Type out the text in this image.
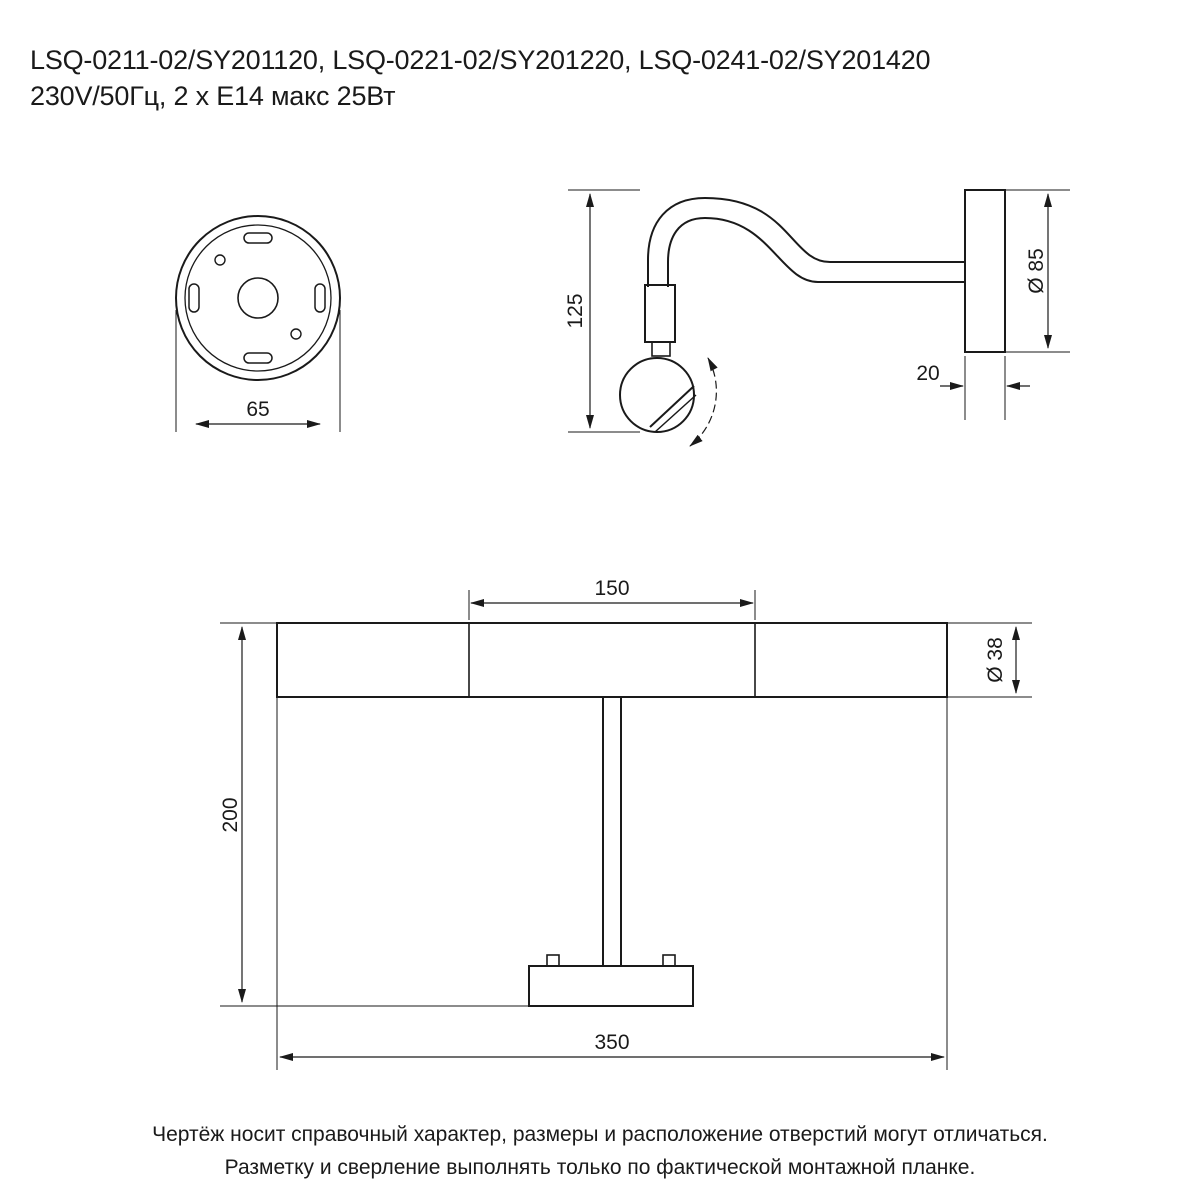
LSQ-0211-02/SY201120, LSQ-0221-02/SY201220, LSQ-0241-02/SY201420
230V/50Гц, 2 х Е14 макс 25Вт
65
125
Ø 85
20
150
Ø 38
200
350
Чертёж носит справочный характер, размеры и расположение отверстий могут отличаться.
Разметку и сверление выполнять только по фактической монтажной планке.
